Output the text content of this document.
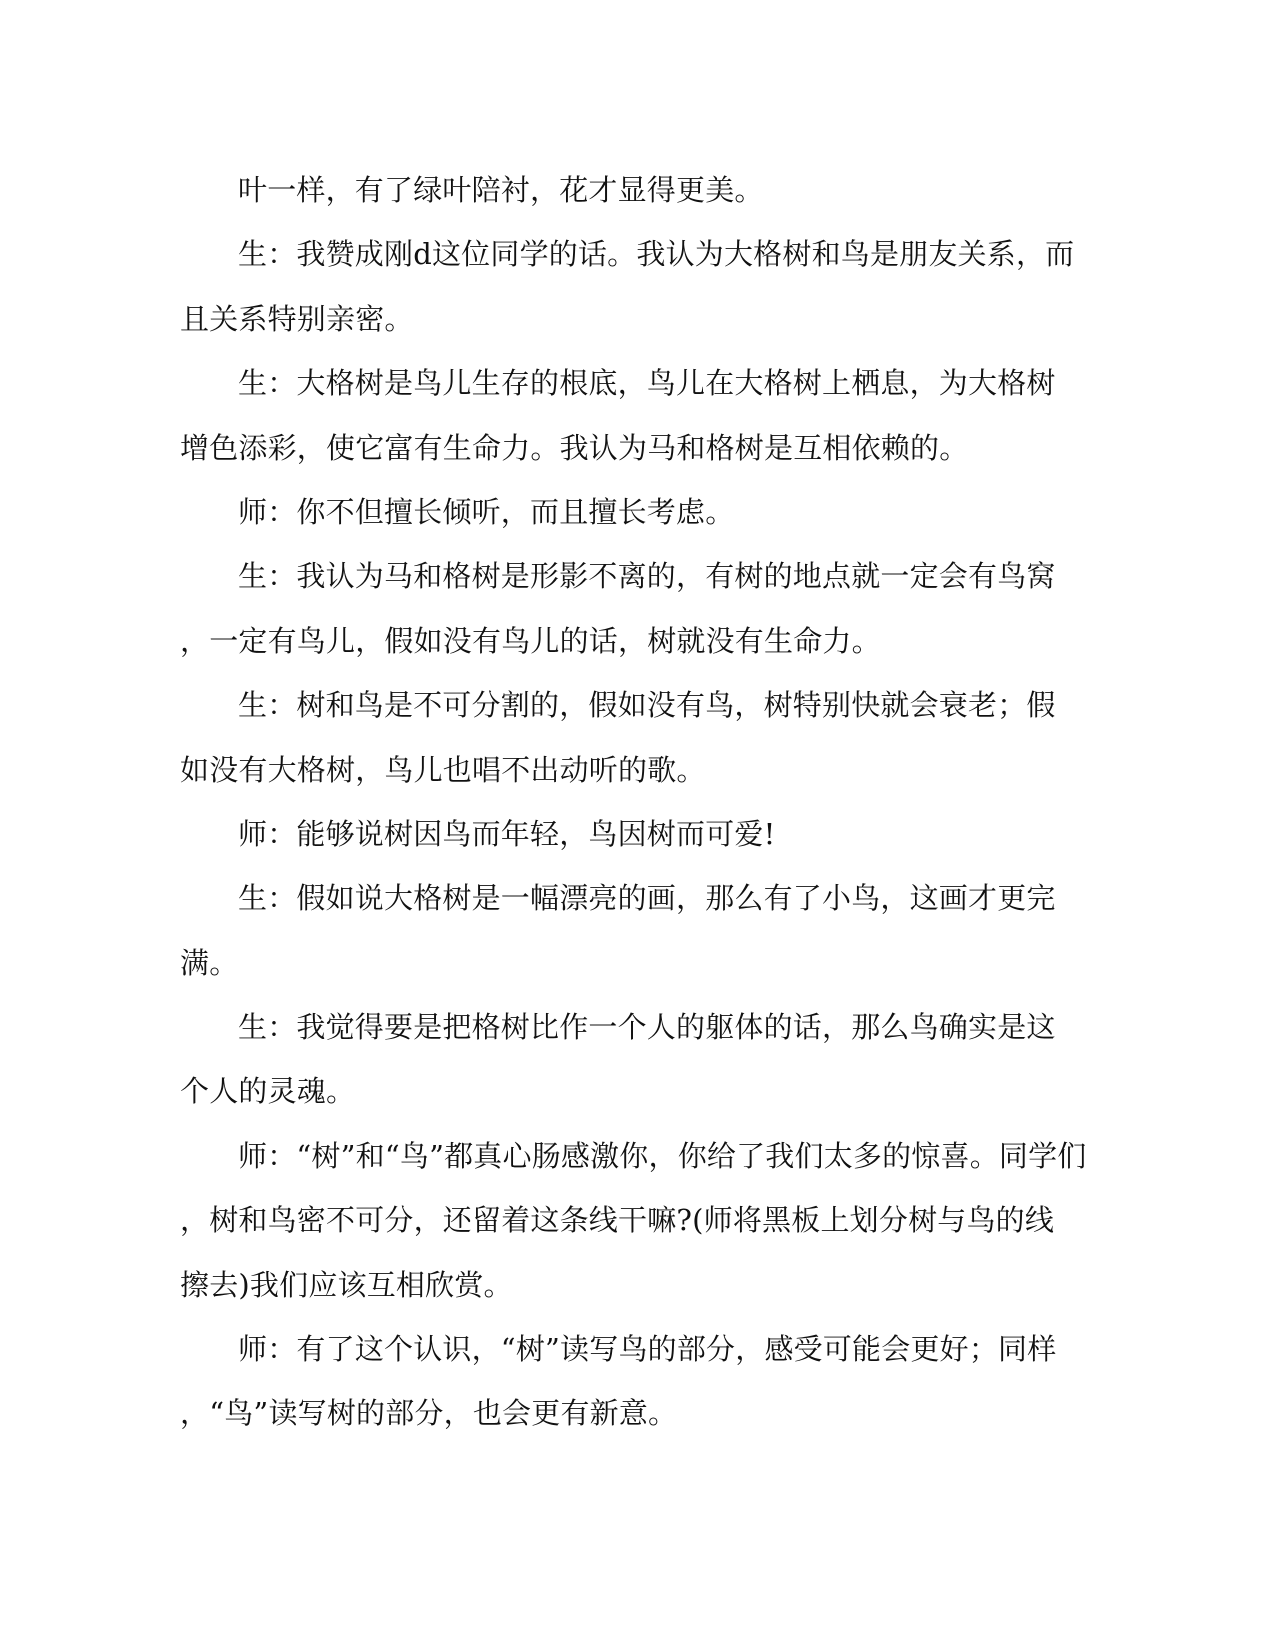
叶一样，有了绿叶陪衬，花才显得更美。
生：我赞成刚d这位同学的话。我认为大格树和鸟是朋友关系，而
且关系特别亲密。
生：大格树是鸟儿生存的根底，鸟儿在大格树上栖息，为大格树
增色添彩，使它富有生命力。我认为马和格树是互相依赖的。
师：你不但擅长倾听，而且擅长考虑。
生：我认为马和格树是形影不离的，有树的地点就一定会有鸟窝
，一定有鸟儿，假如没有鸟儿的话，树就没有生命力。
生：树和鸟是不可分割的，假如没有鸟，树特别快就会衰老；假
如没有大格树，鸟儿也唱不出动听的歌。
师：能够说树因鸟而年轻，鸟因树而可爱!
生：假如说大格树是一幅漂亮的画，那么有了小鸟，这画才更完
满。
生：我觉得要是把格树比作一个人的躯体的话，那么鸟确实是这
个人的灵魂。
师：“树”和“鸟”都真心肠感激你，你给了我们太多的惊喜。同学们
，树和鸟密不可分，还留着这条线干嘛?(师将黑板上划分树与鸟的线
擦去)我们应该互相欣赏。
师：有了这个认识，“树”读写鸟的部分，感受可能会更好；同样
，“鸟”读写树的部分，也会更有新意。
